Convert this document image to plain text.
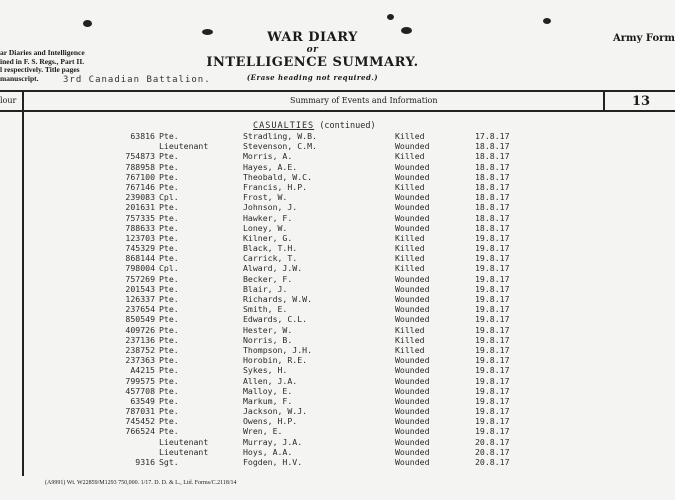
WAR DIARY
or
INTELLIGENCE SUMMARY.
(Erase heading not required.)
Army Form
ar Diaries and Intelligence
ined in F. S. Regs., Part II.
l respectively. Title pages
manuscript.	3rd Canadian Battalion.
lour	Summary of Events and Information	13
CASUALTIES (continued)
63816 Pte.	Stradling, W.B.	Killed	17.8.17
Lieutenant	Stevenson, C.M.	Wounded	18.8.17
754873 Pte.	Morris, A.	Killed	18.8.17
788958 Pte.	Hayes, A.E.	Wounded	18.8.17
767100 Pte.	Theobald, W.C.	Wounded	18.8.17
767146 Pte.	Francis, H.P.	Killed	18.8.17
239083 Cpl.	Frost, W.	Wounded	18.8.17
201631 Pte.	Johnson, J.	Wounded	18.8.17
757335 Pte.	Hawker, F.	Wounded	18.8.17
788633 Pte.	Loney, W.	Wounded	18.8.17
123703 Pte.	Kilner, G.	Killed	19.8.17
745329 Pte.	Black, T.H.	Killed	19.8.17
868144 Pte.	Carrick, T.	Killed	19.8.17
798004 Cpl.	Alward, J.W.	Killed	19.8.17
757269 Pte.	Becker, F.	Wounded	19.8.17
201543 Pte.	Blair, J.	Wounded	19.8.17
126337 Pte.	Richards, W.W.	Wounded	19.8.17
237654 Pte.	Smith, E.	Wounded	19.8.17
850549 Pte.	Edwards, C.L.	Wounded	19.8.17
409726 Pte.	Hester, W.	Killed	19.8.17
237136 Pte.	Norris, B.	Killed	19.8.17
238752 Pte.	Thompson, J.H.	Killed	19.8.17
237363 Pte.	Horobin, R.E.	Wounded	19.8.17
A4215 Pte.	Sykes, H.	Wounded	19.8.17
799575 Pte.	Allen, J.A.	Wounded	19.8.17
457708 Pte.	Malloy, E.	Wounded	19.8.17
63549 Pte.	Markum, F.	Wounded	19.8.17
787031 Pte.	Jackson, W.J.	Wounded	19.8.17
745452 Pte.	Owens, H.P.	Wounded	19.8.17
766524 Pte.	Wren, E.	Wounded	19.8.17
Lieutenant	Murray, J.A.	Wounded	20.8.17
Lieutenant	Hoys, A.A.	Wounded	20.8.17
9316 Sgt.	Fogden, H.V.	Wounded	20.8.17
(A9991) Wt. W22859/M1293 750,000. 1/17. D. D. & L., Ltd. Forms/C.2118/14
